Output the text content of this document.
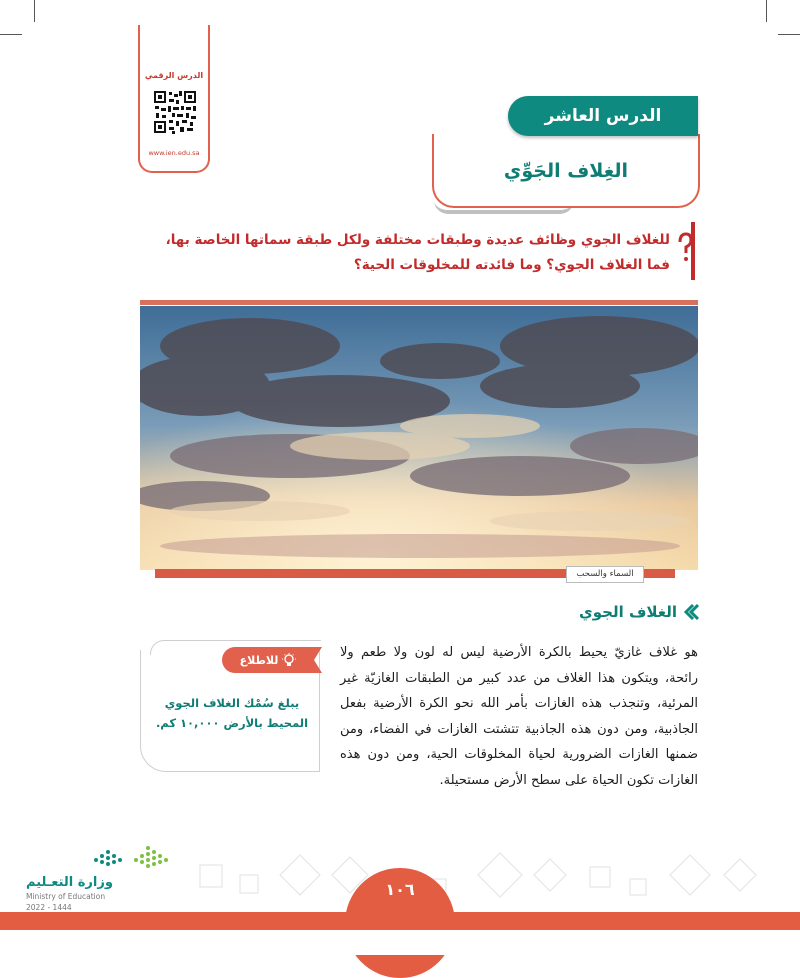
الدرس الرقمي
www.ien.edu.sa
الغِلاف الجَوِّي
الدرس العاشر
للغلاف الجوي وظائف عديدة وطبقات مختلفة ولكل طبقة سماتها الخاصة بها، فما الغلاف الجوي؟ وما فائدته للمخلوقات الحية؟
السماء والسحب
الغلاف الجوي
هو غلاف غازيّ يحيط بالكرة الأرضية ليس له لون ولا طعم ولا رائحة، ويتكون هذا الغلاف من عدد كبير من الطبقات الغازيّة غير المرئية، وتنجذب هذه الغازات بأمر الله نحو الكرة الأرضية بفعل الجاذبية، ومن دون هذه الجاذبية تتشتت الغازات في الفضاء، ومن ضمنها الغازات الضرورية لحياة المخلوقات الحية، ومن دون هذه الغازات تكون الحياة على سطح الأرض مستحيلة.
للاطلاع
يبلغ سُمْك الغلاف الجوي المحيط بالأرض ١٠,٠٠٠ كم.
وزارة التعـليم
Ministry of Education
2022 - 1444
١٠٦
